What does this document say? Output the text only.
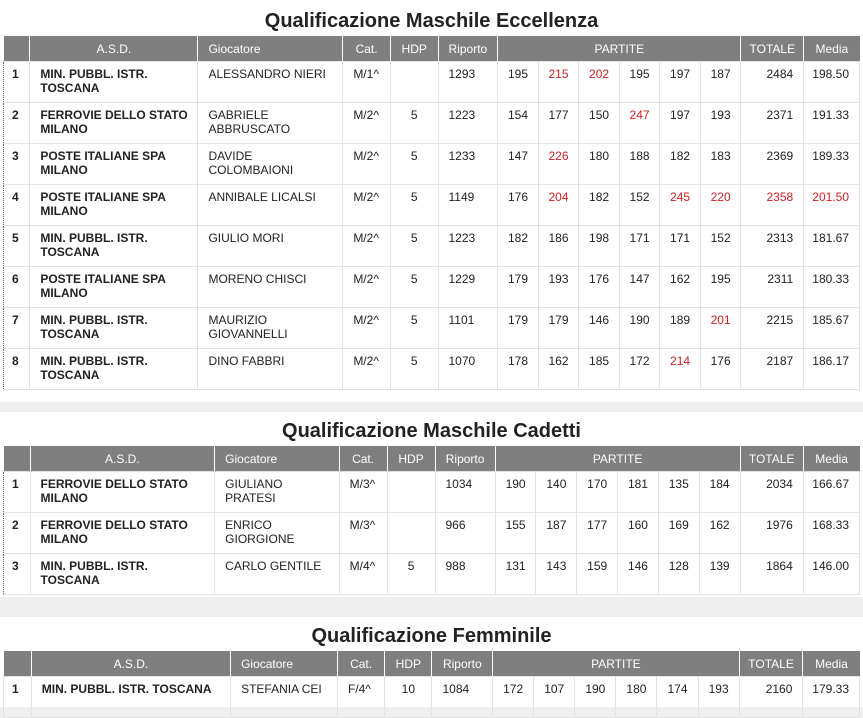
Qualificazione Maschile Eccellenza
	A.S.D.	Giocatore	Cat.	HDP	Riporto	PARTITE						TOTALE	Media
1	MIN. PUBBL. ISTR. TOSCANA	ALESSANDRO NIERI	M/1^		1293	195	215	202	195	197	187	2484	198.50
2	FERROVIE DELLO STATO MILANO	GABRIELE ABBRUSCATO	M/2^	5	1223	154	177	150	247	197	193	2371	191.33
3	POSTE ITALIANE SPA MILANO	DAVIDE COLOMBAIONI	M/2^	5	1233	147	226	180	188	182	183	2369	189.33
4	POSTE ITALIANE SPA MILANO	ANNIBALE LICALSI	M/2^	5	1149	176	204	182	152	245	220	2358	201.50
5	MIN. PUBBL. ISTR. TOSCANA	GIULIO MORI	M/2^	5	1223	182	186	198	171	171	152	2313	181.67
6	POSTE ITALIANE SPA MILANO	MORENO CHISCI	M/2^	5	1229	179	193	176	147	162	195	2311	180.33
7	MIN. PUBBL. ISTR. TOSCANA	MAURIZIO GIOVANNELLI	M/2^	5	1101	179	179	146	190	189	201	2215	185.67
8	MIN. PUBBL. ISTR. TOSCANA	DINO FABBRI	M/2^	5	1070	178	162	185	172	214	176	2187	186.17
Qualificazione Maschile Cadetti
	A.S.D.	Giocatore	Cat.	HDP	Riporto	PARTITE						TOTALE	Media
1	FERROVIE DELLO STATO MILANO	GIULIANO PRATESI	M/3^		1034	190	140	170	181	135	184	2034	166.67
2	FERROVIE DELLO STATO MILANO	ENRICO GIORGIONE	M/3^		966	155	187	177	160	169	162	1976	168.33
3	MIN. PUBBL. ISTR. TOSCANA	CARLO GENTILE	M/4^	5	988	131	143	159	146	128	139	1864	146.00
Qualificazione Femminile
	A.S.D.	Giocatore	Cat.	HDP	Riporto	PARTITE						TOTALE	Media
1	MIN. PUBBL. ISTR. TOSCANA	STEFANIA CEI	F/4^	10	1084	172	107	190	180	174	193	2160	179.33
